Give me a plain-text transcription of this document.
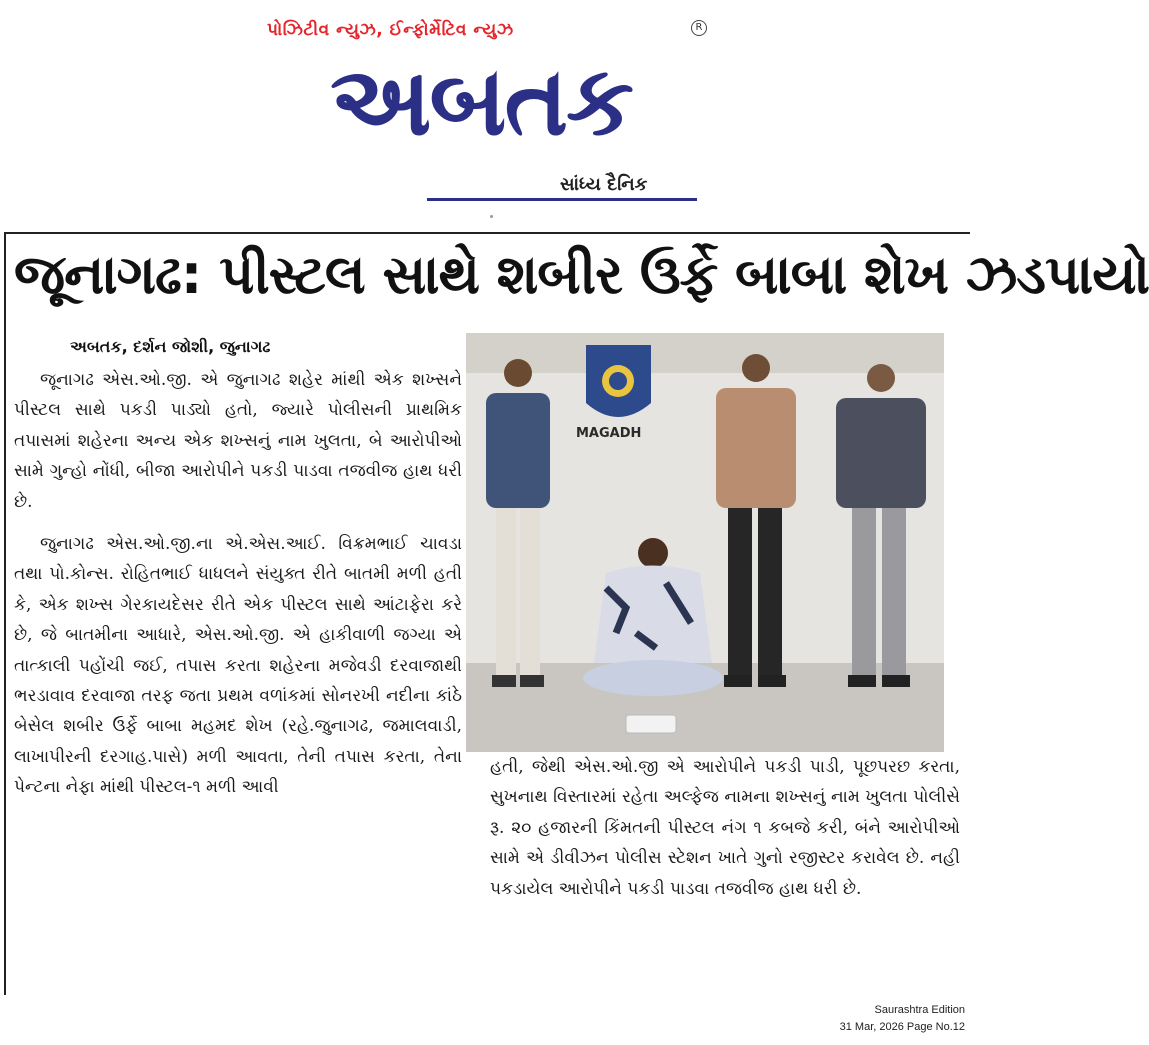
પોઝિટીવ ન્યુઝ, ઈન્ફોર્મેટિવ ન્યુઝ	R
અબતક
સાંધ્ય દૈનિક
જૂનાગઢ: પીસ્ટલ સાથે શબીર ઉર્ફે બાબા શેખ ઝડપાયો
અબતક, દર્શન જોશી, જુનાગઢ

જૂનાગઢ એસ.ઓ.જી. એ જુનાગઢ શહેર માંથી એક શખ્સને પીસ્ટલ સાથે પકડી પાડ્યો હતો, જ્યારે પોલીસની પ્રાથમિક તપાસમાં શહેરના અન્ય એક શખ્સનું નામ ખુલતા, બે આરોપીઓ સામે ગુન્હો નોંધી, બીજા આરોપીને પકડી પાડવા તજવીજ હાથ ધરી છે.

જુનાગઢ એસ.ઓ.જી.ના એ.એસ.આઈ. વિક્રમભાઈ ચાવડા તથા પો.કોન્સ. રોહિતભાઈ ધાધલને સંયુક્ત રીતે બાતમી મળી હતી કે, એક શખ્સ ગેરકાયદેસર રીતે એક પીસ્ટલ સાથે આંટાફેરા કરે છે, જે બાતમીના આધારે, એસ.ઓ.જી. એ હાકીવાળી જગ્યા એ તાત્કાલી પહોંચી જઈ, તપાસ કરતા શહેરના મજેવડી દરવાજાથી ભરડાવાવ દરવાજા તરફ જતા પ્રથમ વળાંકમાં સોનરખી નદીના કાંઠે બેસેલ શબીર ઉર્ફે બાબા મહમદ શેખ (રહે.જુનાગઢ, જમાલવાડી, લાખાપીરની દરગાહ.પાસે) મળી આવતા, તેની તપાસ કરતા, તેના પેન્ટના નેફા માંથી પીસ્ટલ-૧ મળી આવી

MAGADH

હતી, જેથી એસ.ઓ.જી એ આરોપીને પકડી પાડી, પૂછપરછ કરતા, સુખનાથ વિસ્તારમાં રહેતા અલ્ફેજ નામના શખ્સનું નામ ખુલતા પોલીસે રૂ. ૨૦ હજારની કિંમતની પીસ્ટલ નંગ ૧ કબજે કરી, બંને આરોપીઓ સામે એ ડીવીઝન પોલીસ સ્ટેશન ખાતે ગુનો રજીસ્ટર કરાવેલ છે. નહી પકડાયેલ આરોપીને પકડી પાડવા તજવીજ હાથ ધરી છે.

Saurashtra Edition
31 Mar, 2026 Page No.12
